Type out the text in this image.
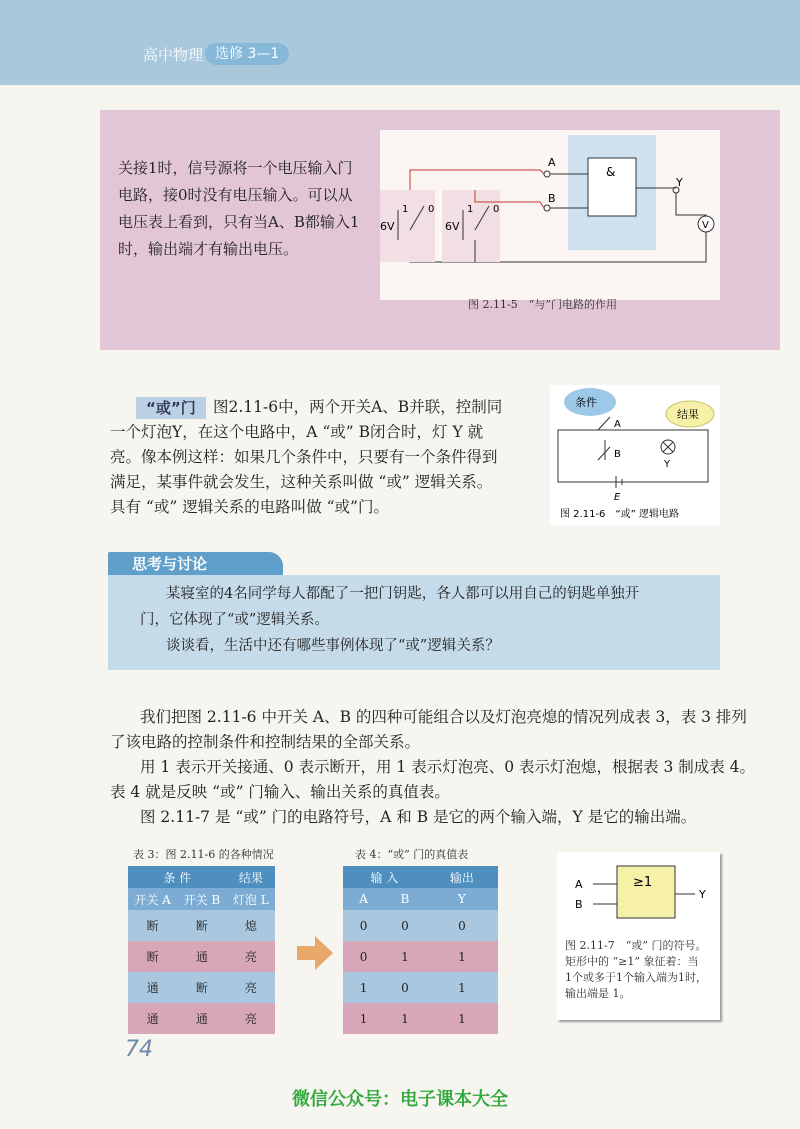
高中物理 选修 3—1
关接1时，信号源将一个电压输入门电路，接0时没有电压输入。可以从电压表上看到，只有当A、B都输入1时，输出端才有输出电压。
&
A
B
Y
V
6V	6V
1 0	1 0
图 2.11-5　“与”门电路的作用
“或”门	图2.11-6中，两个开关A、B并联，控制同
一个灯泡Y，在这个电路中，A “或” B闭合时，灯 Y 就
亮。像本例这样：如果几个条件中，只要有一个条件得到
满足，某事件就会发生，这种关系叫做 “或” 逻辑关系。
具有 “或” 逻辑关系的电路叫做 “或”门。
A
B
Y
E
条件
结果
图 2.11-6　“或” 逻辑电路
思考与讨论

某寝室的4名同学每人都配了一把门钥匙，各人都可以用自己的钥匙单独开

门，它体现了“或”逻辑关系。

谈谈看，生活中还有哪些事例体现了“或”逻辑关系？

我们把图 2.11-6 中开关 A、B 的四种可能组合以及灯泡亮熄的情况列成表 3，表 3 排列
了该电路的控制条件和控制结果的全部关系。
用 1 表示开关接通、0 表示断开，用 1 表示灯泡亮、0 表示灯泡熄，根据表 3 制成表 4。
表 4 就是反映 “或” 门输入、输出关系的真值表。
图 2.11-7 是 “或” 门的电路符号，A 和 B 是它的两个输入端，Y 是它的输出端。
表 3：图 2.11-6 的各种情况
条 件		结果
开关 A	开关 B	灯泡 L
断	断	熄
断	通	亮
通	断	亮
通	通	亮
表 4：“或” 门的真值表
输 入		输出
A	B	Y
0	0	0
0	1	1
1	0	1
1	1	1
≥1
A
B
Y
图 2.11-7　“或” 门的符号。
矩形中的 “≥1” 象征着：当
1个或多于1个输入端为1时，
输出端是 1。
74
微信公众号：电子课本大全
